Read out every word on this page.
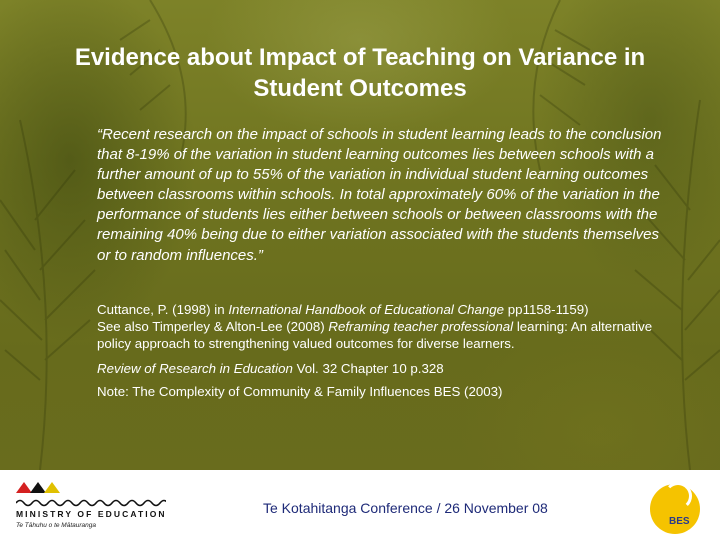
Evidence about Impact of Teaching on Variance in Student Outcomes
“Recent research on the impact of schools in student learning leads to the conclusion that 8-19% of the variation in student learning outcomes lies between schools with a further amount of up to 55% of the variation in individual student learning outcomes between classrooms within schools. In total approximately 60% of the variation in the performance of students lies either between schools or between classrooms with the remaining 40% being due to either variation associated with the students themselves or to random influences.”

Cuttance, P. (1998) in International Handbook of Educational Change pp1158-1159)

See also Timperley & Alton-Lee (2008) Reframing teacher professional learning: An alternative policy approach to strengthening valued outcomes for diverse learners.

Review of Research in Education Vol. 32 Chapter 10 p.328

Note: The Complexity of Community & Family Influences BES (2003)

MINISTRY OF EDUCATION
Te Tāhuhu o te Mātauranga
Te Kotahitanga Conference / 26 November 08
BES
